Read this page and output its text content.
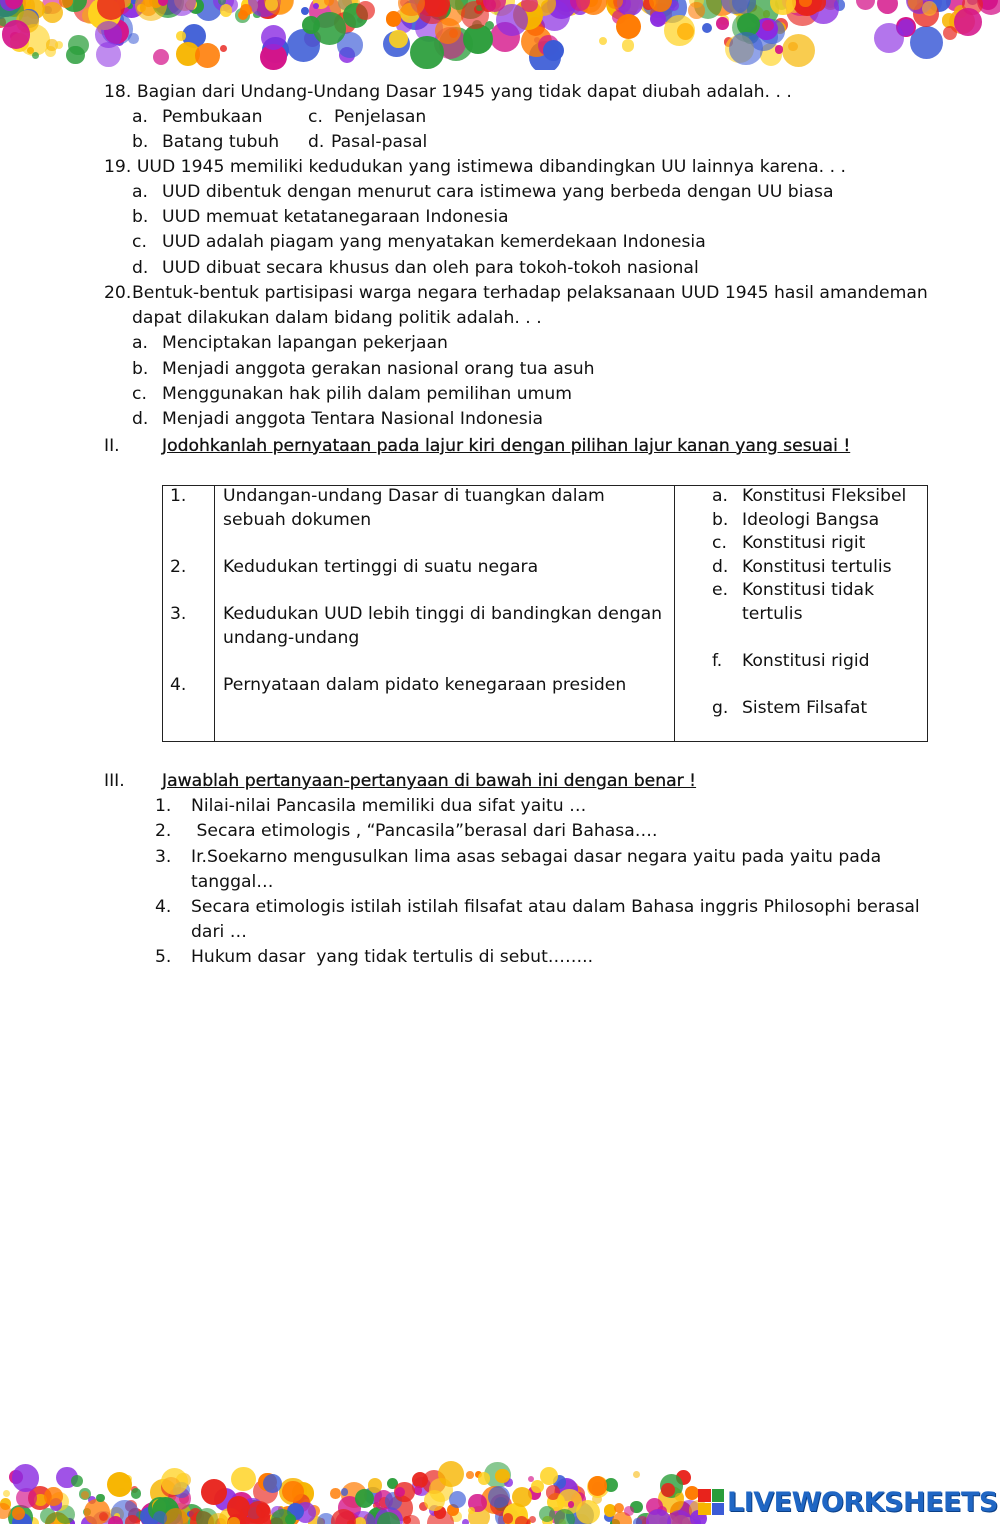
18. Bagian dari Undang-Undang Dasar 1945 yang tidak dapat diubah adalah. . .
a. Pembukaan	c. Penjelasan
b. Batang tubuh d. Pasal-pasal
19. UUD 1945 memiliki kedudukan yang istimewa dibandingkan UU lainnya karena. . .
a. UUD dibentuk dengan menurut cara istimewa yang berbeda dengan UU biasa
b. UUD memuat ketatanegaraan Indonesia
c. UUD adalah piagam yang menyatakan kemerdekaan Indonesia
d. UUD dibuat secara khusus dan oleh para tokoh-tokoh nasional
20. Bentuk-bentuk partisipasi warga negara terhadap pelaksanaan UUD 1945 hasil amandeman
dapat dilakukan dalam bidang politik adalah. . .
a. Menciptakan lapangan pekerjaan
b. Menjadi anggota gerakan nasional orang tua asuh
c. Menggunakan hak pilih dalam pemilihan umum
d. Menjadi anggota Tentara Nasional Indonesia
II. Jodohkanlah pernyataan pada lajur kiri dengan pilihan lajur kanan yang sesuai !
1. Undangan-undang Dasar di tuangkan dalam
sebuah dokumen
2. Kedudukan tertinggi di suatu negara
3. Kedudukan UUD lebih tinggi di bandingkan dengan
undang-undang
4. Pernyataan dalam pidato kenegaraan presiden
a. Konstitusi Fleksibel
b. Ideologi Bangsa
c. Konstitusi rigit
d. Konstitusi tertulis
e. Konstitusi tidak
tertulis
f. Konstitusi rigid
g. Sistem Filsafat
III. Jawablah pertanyaan-pertanyaan di bawah ini dengan benar !
1. Nilai-nilai Pancasila memiliki dua sifat yaitu …
2. Secara etimologis , “Pancasila”berasal dari Bahasa….
3. Ir.Soekarno mengusulkan lima asas sebagai dasar negara yaitu pada yaitu pada
tanggal…
4. Secara etimologis istilah istilah filsafat atau dalam Bahasa inggris Philosophi berasal
dari …
5. Hukum dasar  yang tidak tertulis di sebut……..
LIVEWORKSHEETS
